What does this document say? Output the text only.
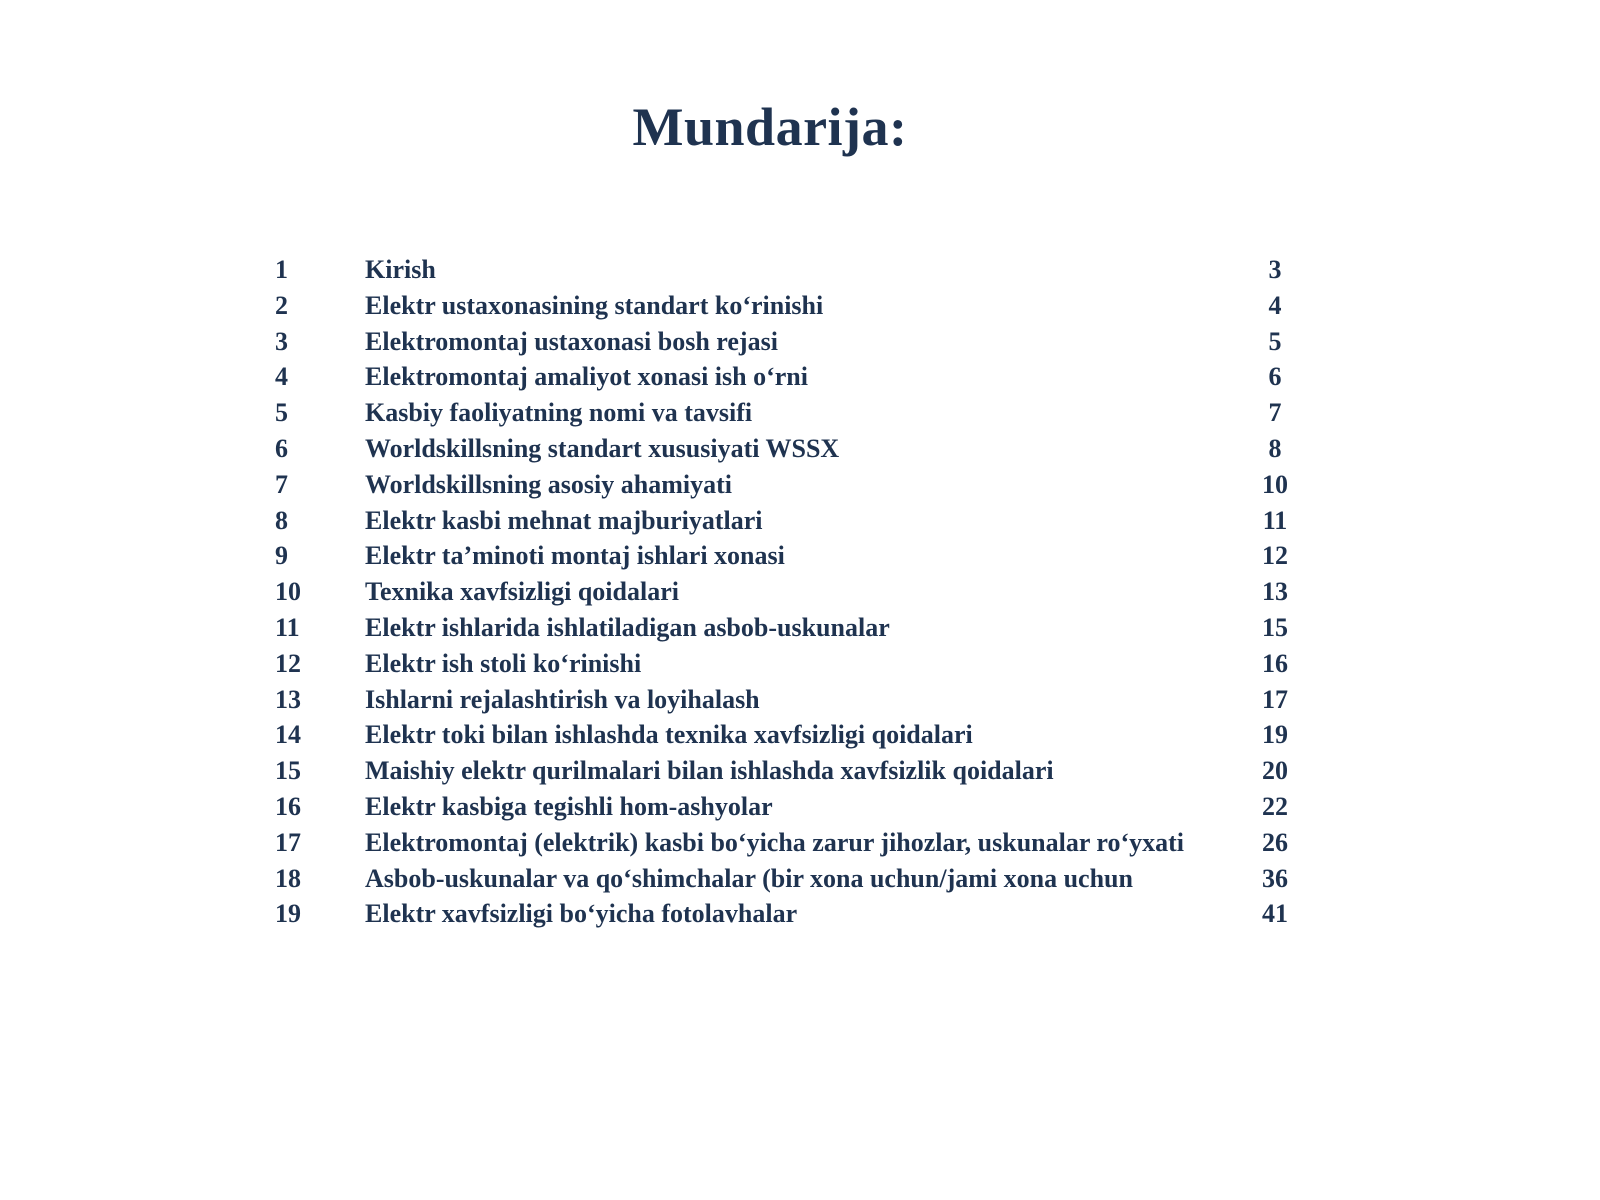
Mundarija:
1	Kirish	3
2	Elektr ustaxonasining standart ko‘rinishi	4
3	Elektromontaj ustaxonasi bosh rejasi	5
4	Elektromontaj amaliyot xonasi ish o‘rni	6
5	Kasbiy faoliyatning nomi va tavsifi	7
6	Worldskillsning standart xususiyati WSSX	8
7	Worldskillsning asosiy ahamiyati	10
8	Elektr kasbi mehnat majburiyatlari	11
9	Elektr ta’minoti montaj ishlari xonasi	12
10	Texnika xavfsizligi qoidalari	13
11	Elektr ishlarida ishlatiladigan asbob-uskunalar	15
12	Elektr ish stoli ko‘rinishi	16
13	Ishlarni rejalashtirish va loyihalash	17
14	Elektr toki bilan ishlashda texnika xavfsizligi qoidalari	19
15	Maishiy elektr qurilmalari bilan ishlashda xavfsizlik qoidalari	20
16	Elektr kasbiga tegishli hom-ashyolar	22
17	Elektromontaj (elektrik) kasbi bo‘yicha zarur jihozlar, uskunalar ro‘yxati	26
18	Asbob-uskunalar va qo‘shimchalar (bir xona uchun/jami xona uchun	36
19	Elektr xavfsizligi bo‘yicha fotolavhalar	41
